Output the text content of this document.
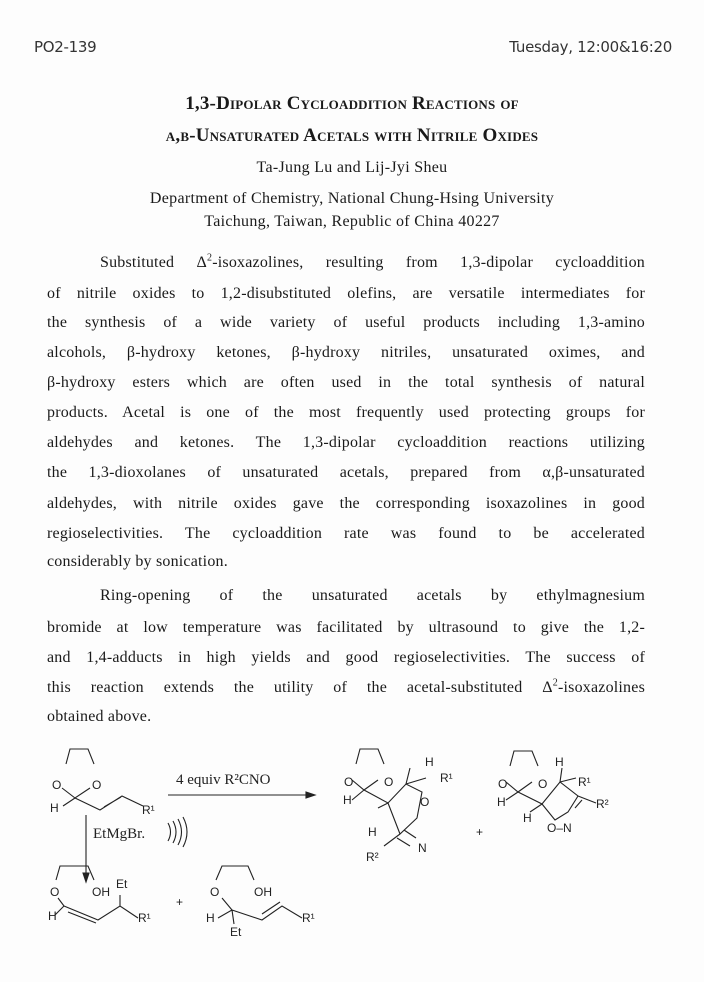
PO2-139	Tuesday, 12:00&16:20
1,3-Dipolar Cycloaddition Reactions of
α,β-Unsaturated Acetals with Nitrile Oxides
Ta-Jung Lu and Lij-Jyi Sheu
Department of Chemistry, National Chung-Hsing University
Taichung, Taiwan, Republic of China 40227
Substituted $\Delta^2$-isoxazolines, resulting from 1,3-dipolar cycloaddition
of nitrile oxides to 1,2-disubstituted olefins, are versatile intermediates for
the synthesis of a wide variety of useful products including 1,3-amino
alcohols, β-hydroxy ketones, β-hydroxy nitriles, unsaturated oximes, and
β-hydroxy esters which are often used in the total synthesis of natural
products. Acetal is one of the most frequently used protecting groups for
aldehydes and ketones. The 1,3-dipolar cycloaddition reactions utilizing
the 1,3-dioxolanes of unsaturated acetals, prepared from α,β-unsaturated
aldehydes, with nitrile oxides gave the corresponding isoxazolines in good
regioselectivities. The cycloaddition rate was found to be accelerated
considerably by sonication.
Ring-opening of the unsaturated acetals by ethylmagnesium
bromide at low temperature was facilitated by ultrasound to give the 1,2-
and 1,4-adducts in high yields and good regioselectivities. The success of
this reaction extends the utility of the acetal-substituted $\Delta^2$-isoxazolines
obtained above.
O	O
H	R¹
4 equiv R²CNO	O	O
H
H
H
R¹
O
N
R²
+
O	O
H
H
R¹
R²
H
O–N
EtMgBr.
O	OH
Et
H	R¹
+
O	OH
H
Et
R¹
